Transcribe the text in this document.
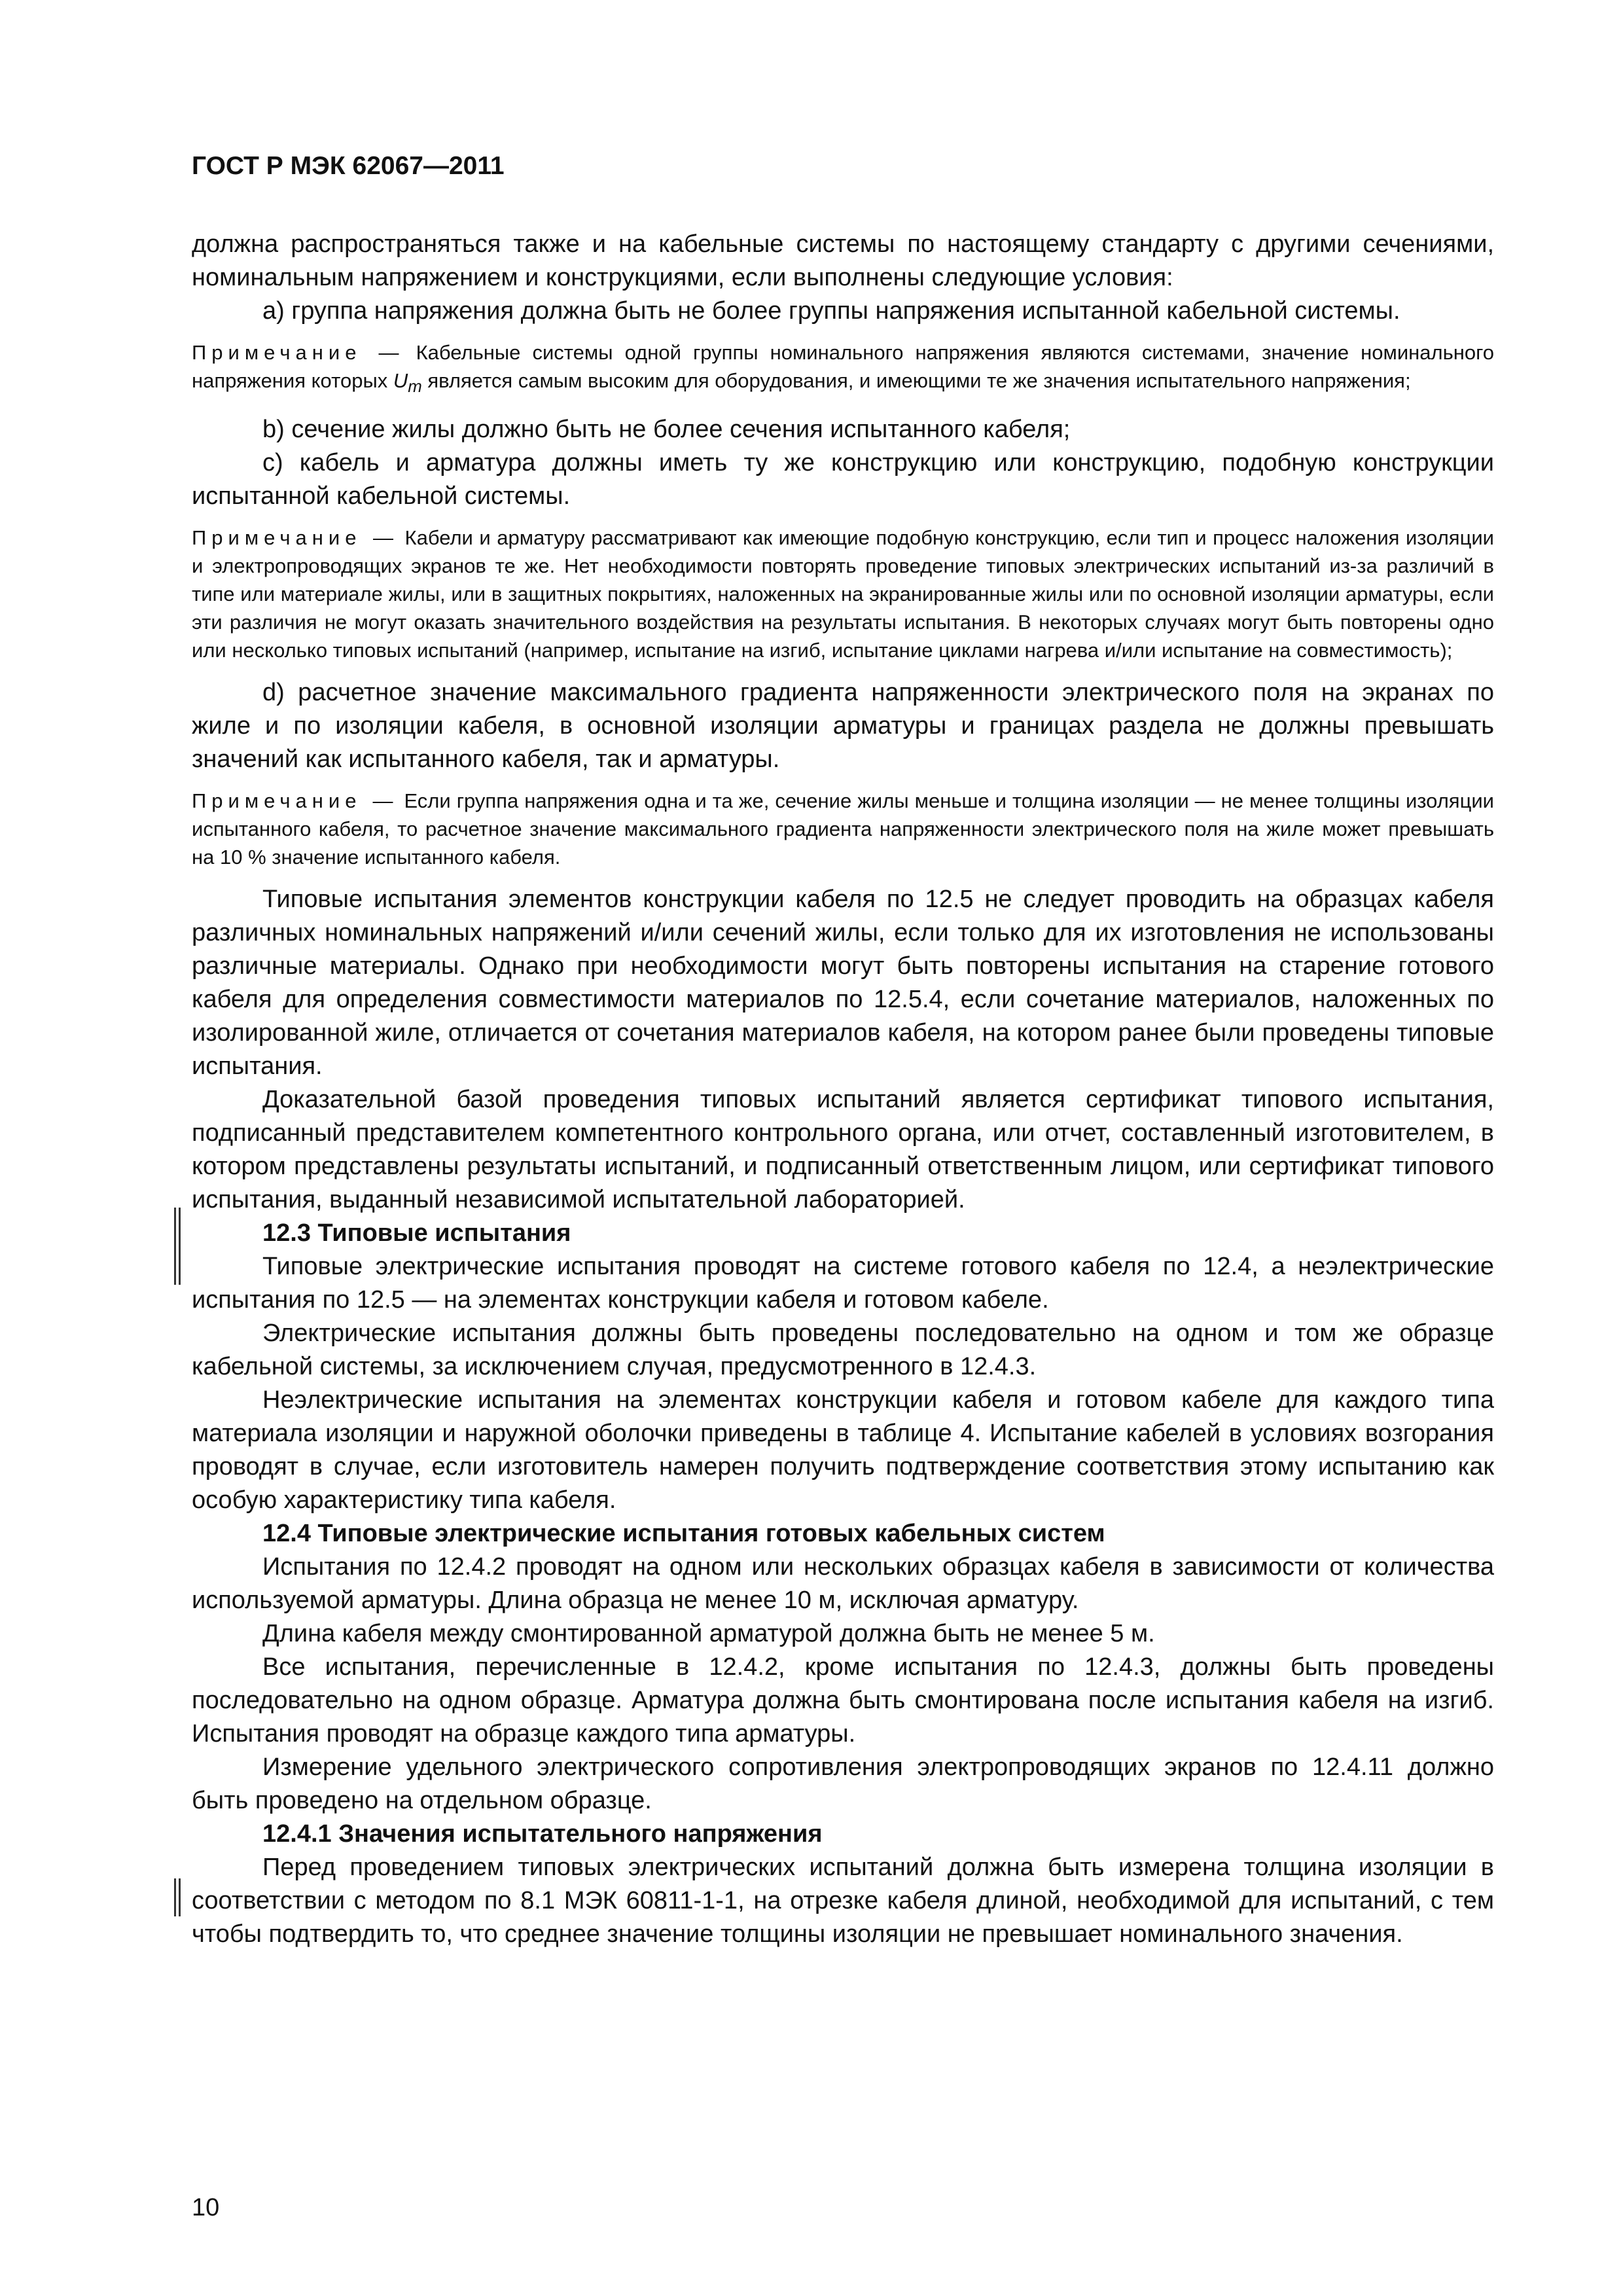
ГОСТ Р МЭК 62067—2011

должна распространяться также и на кабельные системы по настоящему стандарту с другими сечениями, номинальным напряжением и конструкциями, если выполнены следующие условия:

а) группа напряжения должна быть не более группы напряжения испытанной кабельной системы.

Примечание — Кабельные системы одной группы номинального напряжения являются системами, значение номинального напряжения которых $U_m$ является самым высоким для оборудования, и имеющими те же значения испытательного напряжения;

b) сечение жилы должно быть не более сечения испытанного кабеля;

c) кабель и арматура должны иметь ту же конструкцию или конструкцию, подобную конструкции испытанной кабельной системы.

Примечание — Кабели и арматуру рассматривают как имеющие подобную конструкцию, если тип и процесс наложения изоляции и электропроводящих экранов те же. Нет необходимости повторять проведение типовых электрических испытаний из-за различий в типе или материале жилы, или в защитных покрытиях, наложенных на экранированные жилы или по основной изоляции арматуры, если эти различия не могут оказать значительного воздействия на результаты испытания. В некоторых случаях могут быть повторены одно или несколько типовых испытаний (например, испытание на изгиб, испытание циклами нагрева и/или испытание на совместимость);

d) расчетное значение максимального градиента напряженности электрического поля на экранах по жиле и по изоляции кабеля, в основной изоляции арматуры и границах раздела не должны превышать значений как испытанного кабеля, так и арматуры.

Примечание — Если группа напряжения одна и та же, сечение жилы меньше и толщина изоляции — не менее толщины изоляции испытанного кабеля, то расчетное значение максимального градиента напряженности электрического поля на жиле может превышать на 10 % значение испытанного кабеля.

Типовые испытания элементов конструкции кабеля по 12.5 не следует проводить на образцах кабеля различных номинальных напряжений и/или сечений жилы, если только для их изготовления не использованы различные материалы. Однако при необходимости могут быть повторены испытания на старение готового кабеля для определения совместимости материалов по 12.5.4, если сочетание материалов, наложенных по изолированной жиле, отличается от сочетания материалов кабеля, на котором ранее были проведены типовые испытания.

Доказательной базой проведения типовых испытаний является сертификат типового испытания, подписанный представителем компетентного контрольного органа, или отчет, составленный изготовителем, в котором представлены результаты испытаний, и подписанный ответственным лицом, или сертификат типового испытания, выданный независимой испытательной лабораторией.

12.3 Типовые испытания

Типовые электрические испытания проводят на системе готового кабеля по 12.4, а неэлектрические испытания по 12.5 — на элементах конструкции кабеля и готовом кабеле.

Электрические испытания должны быть проведены последовательно на одном и том же образце кабельной системы, за исключением случая, предусмотренного в 12.4.3.

Неэлектрические испытания на элементах конструкции кабеля и готовом кабеле для каждого типа материала изоляции и наружной оболочки приведены в таблице 4. Испытание кабелей в условиях возгорания проводят в случае, если изготовитель намерен получить подтверждение соответствия этому испытанию как особую характеристику типа кабеля.

12.4 Типовые электрические испытания готовых кабельных систем

Испытания по 12.4.2 проводят на одном или нескольких образцах кабеля в зависимости от количества используемой арматуры. Длина образца не менее 10 м, исключая арматуру.

Длина кабеля между смонтированной арматурой должна быть не менее 5 м.

Все испытания, перечисленные в 12.4.2, кроме испытания по 12.4.3, должны быть проведены последовательно на одном образце. Арматура должна быть смонтирована после испытания кабеля на изгиб. Испытания проводят на образце каждого типа арматуры.

Измерение удельного электрического сопротивления электропроводящих экранов по 12.4.11 должно быть проведено на отдельном образце.

12.4.1 Значения испытательного напряжения

Перед проведением типовых электрических испытаний должна быть измерена толщина изоляции в соответствии с методом по 8.1 МЭК 60811-1-1, на отрезке кабеля длиной, необходимой для испытаний, с тем чтобы подтвердить то, что среднее значение толщины изоляции не превышает номинального значения.

10
